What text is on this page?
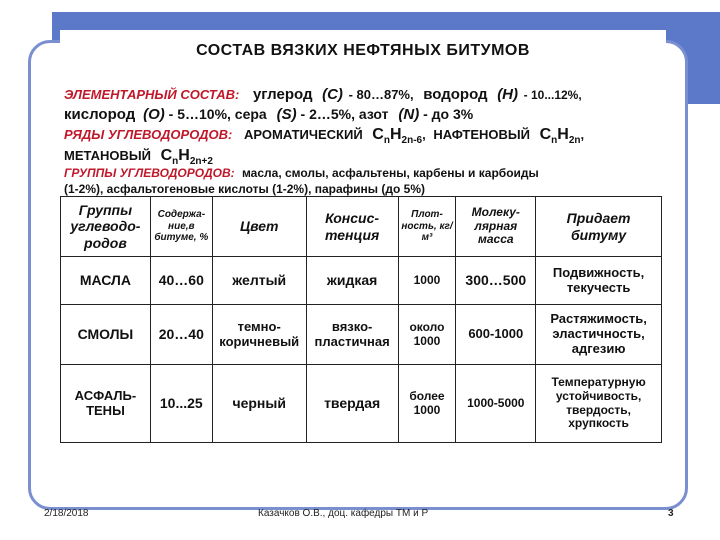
СОСТАВ ВЯЗКИХ НЕФТЯНЫХ БИТУМОВ
ЭЛЕМЕНТАРНЫЙ СОСТАВ: углерод (С) - 80…87%, водород (Н) - 10...12%,
кислород (О) - 5…10%, сера (S) - 2…5%, азот (N) - до 3%
РЯДЫ УГЛЕВОДОРОДОВ: АРОМАТИЧЕСКИЙ $C_nH_{2n-6}$, НАФТЕНОВЫЙ $C_nH_{2n}$,
МЕТАНОВЫЙ $C_nH_{2n+2}$
ГРУППЫ УГЛЕВОДОРОДОВ: масла, смолы, асфальтены, карбены и карбоиды
(1-2%), асфальтогеновые кислоты (1-2%), парафины (до 5%)
Группы углеводо-родов	Содержа-ние,в битуме, %	Цвет	Консис-тенция	Плот-ность, кг/м³	Молеку-лярная масса	Придает битуму
МАСЛА	40…60	желтый	жидкая	1000	300…500	Подвижность, текучесть
СМОЛЫ	20…40	темно-коричневый	вязко-пластичная	около 1000	600-1000	Растяжимость, эластичность, адгезию
АСФАЛЬ-ТЕНЫ	10...25	черный	твердая	более 1000	1000-5000	Температурную устойчивость, твердость, хрупкость
2/18/2018	Казачков О.В., доц. кафедры ТМ и Р	3
